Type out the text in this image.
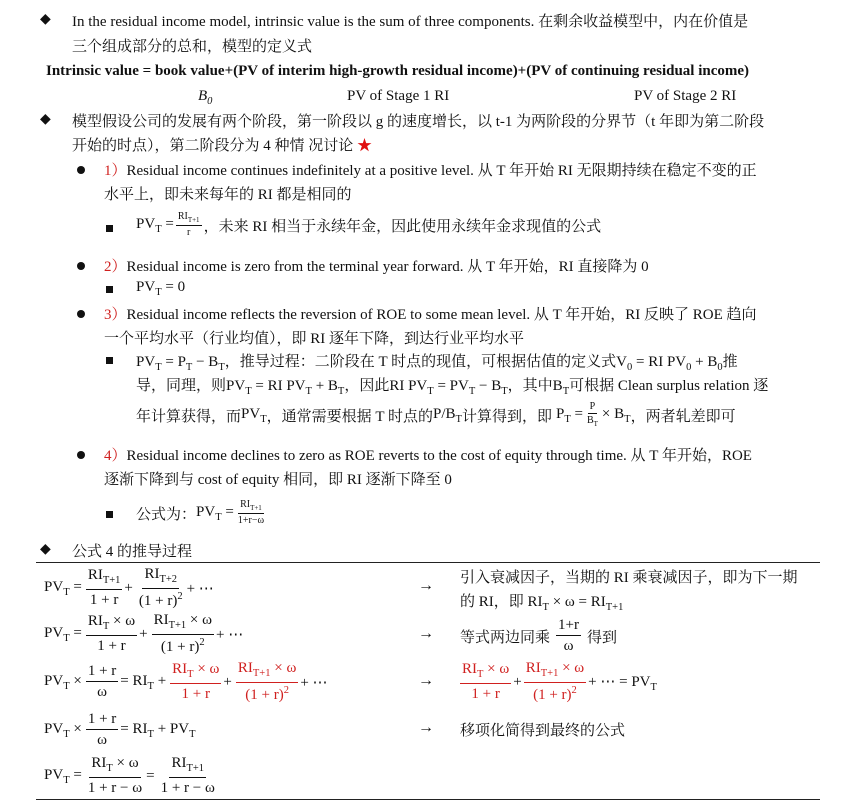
◆ In the residual income model, intrinsic value is the sum of three components. 在剩余收益模型中，内在价值是
三个组成部分的总和，模型的定义式
Intrinsic value = book value+(PV of interim high-growth residual income)+(PV of continuing residual income)
$B_0$	PV of Stage 1 RI	PV of Stage 2 RI
◆ 模型假设公司的发展有两个阶段，第一阶段以 g 的速度增长，以 t-1 为两阶段的分界节（t 年即为第二阶段
开始的时点），第二阶段分为 4 种情 况讨论 ★
1）Residual income continues indefinitely at a positive level. 从 T 年开始 RI 无限期持续在稳定不变的正
水平上，即未来每年的 RI 都是相同的
$PV_T = \frac{RI_{T+1}}{r}$ ，未来 RI 相当于永续年金，因此使用永续年金求现值的公式
2）Residual income is zero from the terminal year forward. 从 T 年开始，RI 直接降为 0
$PV_T = 0$
3）Residual income reflects the reversion of ROE to some mean level. 从 T 年开始，RI 反映了 ROE 趋向
一个平均水平（行业均值），即 RI 逐年下降，到达行业平均水平
$PV_T = P_T - B_T$，推导过程：二阶段在 T 时点的现值，可根据估值的定义式$V_0$ = RI $PV_0 + B_0$推
导，同理，则$PV_T$ = RI $PV_T + B_T$，因此RI $PV_T = PV_T - B_T$，其中$B_T$可根据 Clean surplus relation 逐
年计算获得，而 $PV_T$ ，通常需要根据 T 时点的 $P/B_T$ 计算得到，即 $P_T = \frac{P}{B_T} \times B_T$ ，两者轧差即可
4）Residual income declines to zero as ROE reverts to the cost of equity through time. 从 T 年开始，ROE
逐渐下降到与 cost of equity 相同，即 RI 逐渐下降至 0
公式为： $PV_T = \frac{RI_{T+1}}{1+r-\omega}$
◆ 公式 4 的推导过程
$PV_T = \frac{RI_{T+1}}{1 + r} + \frac{RI_{T+2}}{(1 + r)^2}$ + ⋯	→ 引入衰减因子，当期的 RI 乘衰减因子，即为下一期
的 RI，即 $RI_T \times \omega = RI_{T+1}$
$PV_T = \frac{RI_T \times \omega}{1 + r} + \frac{RI_{T+1} \times \omega}{(1 + r)^2}$ + ⋯	→ 等式两边同乘 $\frac{1+r}{\omega}$ 得到
$PV_T \times \frac{1 + r}{\omega} = RI_T + \frac{RI_T \times \omega}{1 + r} + \frac{RI_{T+1} \times \omega}{(1 + r)^2}$ + ⋯	→ $\frac{RI_T \times \omega}{1 + r} + \frac{RI_{T+1} \times \omega}{(1 + r)^2}$ + ⋯ = $PV_T$
$PV_T \times \frac{1 + r}{\omega} = RI_T + PV_T$	→ 移项化简得到最终的公式
$PV_T = \frac{RI_T \times \omega}{1 + r - \omega} = \frac{RI_{T+1}}{1 + r - \omega}$
